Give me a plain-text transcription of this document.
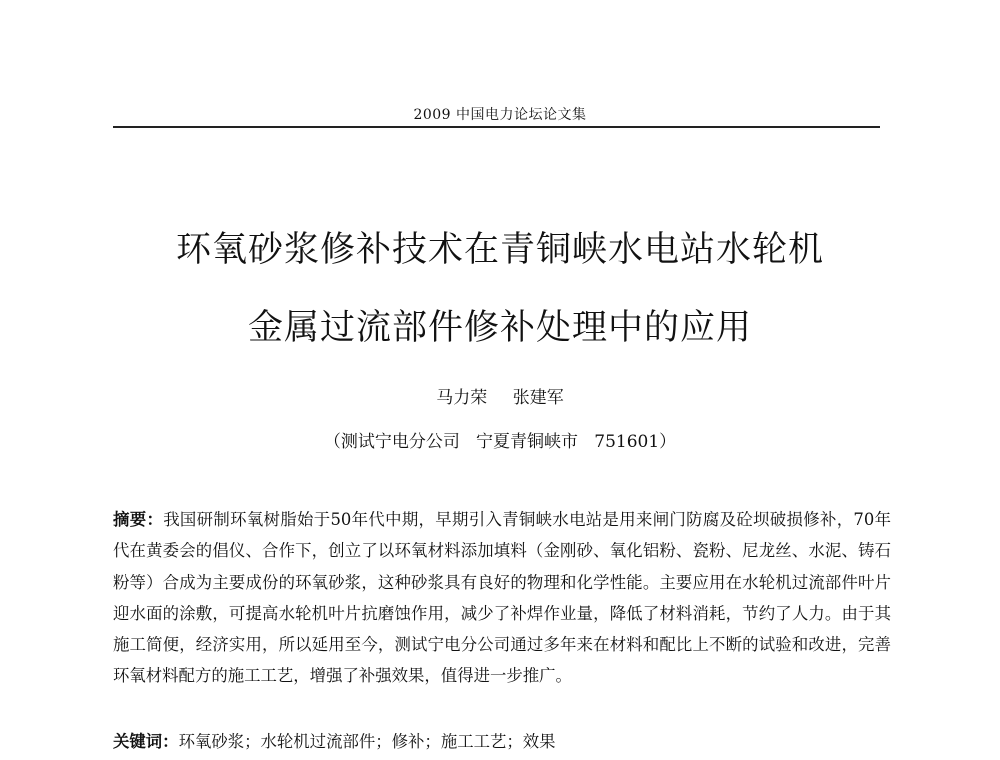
2009 中国电力论坛论文集
环氧砂浆修补技术在青铜峡水电站水轮机
金属过流部件修补处理中的应用
马力荣 张建军
（测试宁电分公司   宁夏青铜峡市   751601）

摘要：我国研制环氧树脂始于50年代中期，早期引入青铜峡水电站是用来闸门防腐及砼坝破损修补，70年代在黄委会的倡仪、合作下，创立了以环氧材料添加填料（金刚砂、氧化铝粉、瓷粉、尼龙丝、水泥、铸石粉等）合成为主要成份的环氧砂浆，这种砂浆具有良好的物理和化学性能。主要应用在水轮机过流部件叶片迎水面的涂敷，可提高水轮机叶片抗磨蚀作用，减少了补焊作业量，降低了材料消耗，节约了人力。由于其施工简便，经济实用，所以延用至今，测试宁电分公司通过多年来在材料和配比上不断的试验和改进，完善环氧材料配方的施工工艺，增强了补强效果，值得进一步推广。

关键词：环氧砂浆 ； 水轮机过流部件 ； 修补 ； 施工工艺 ； 效果
